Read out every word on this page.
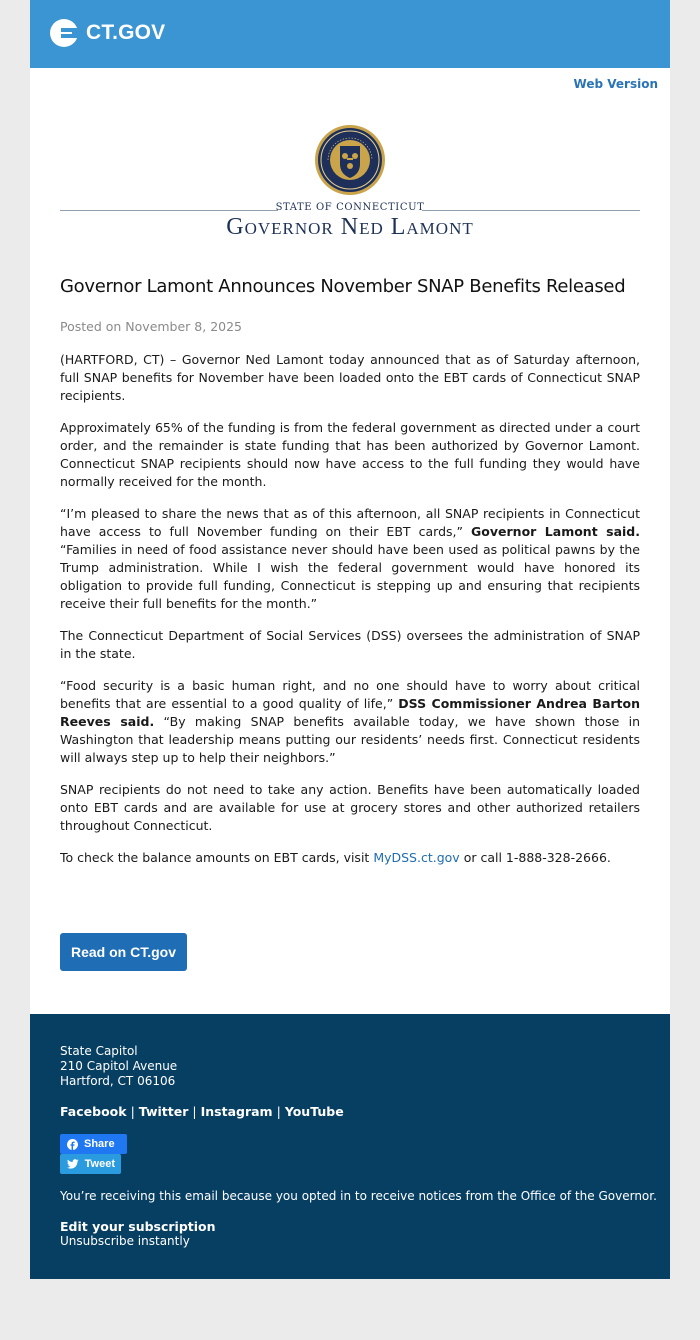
CT.GOV
Web Version
STATE OF CONNECTICUT
Governor Ned Lamont
Governor Lamont Announces November SNAP Benefits Released
Posted on November 8, 2025

(HARTFORD, CT) – Governor Ned Lamont today announced that as of Saturday afternoon, full SNAP benefits for November have been loaded onto the EBT cards of Connecticut SNAP recipients.

Approximately 65% of the funding is from the federal government as directed under a court order, and the remainder is state funding that has been authorized by Governor Lamont. Connecticut SNAP recipients should now have access to the full funding they would have normally received for the month.

“I’m pleased to share the news that as of this afternoon, all SNAP recipients in Connecticut have access to full November funding on their EBT cards,” Governor Lamont said. “Families in need of food assistance never should have been used as political pawns by the Trump administration. While I wish the federal government would have honored its obligation to provide full funding, Connecticut is stepping up and ensuring that recipients receive their full benefits for the month.”

The Connecticut Department of Social Services (DSS) oversees the administration of SNAP in the state.

“Food security is a basic human right, and no one should have to worry about critical benefits that are essential to a good quality of life,” DSS Commissioner Andrea Barton Reeves said. “By making SNAP benefits available today, we have shown those in Washington that leadership means putting our residents’ needs first. Connecticut residents will always step up to help their neighbors.”

SNAP recipients do not need to take any action. Benefits have been automatically loaded onto EBT cards and are available for use at grocery stores and other authorized retailers throughout Connecticut.

To check the balance amounts on EBT cards, visit MyDSS.ct.gov or call 1-888-328-2666.

Read on CT.gov
State Capitol
210 Capitol Avenue
Hartford, CT 06106
Facebook | Twitter | Instagram | YouTube
Share
Tweet
You’re receiving this email because you opted in to receive notices from the Office of the Governor.
Edit your subscription
Unsubscribe instantly
